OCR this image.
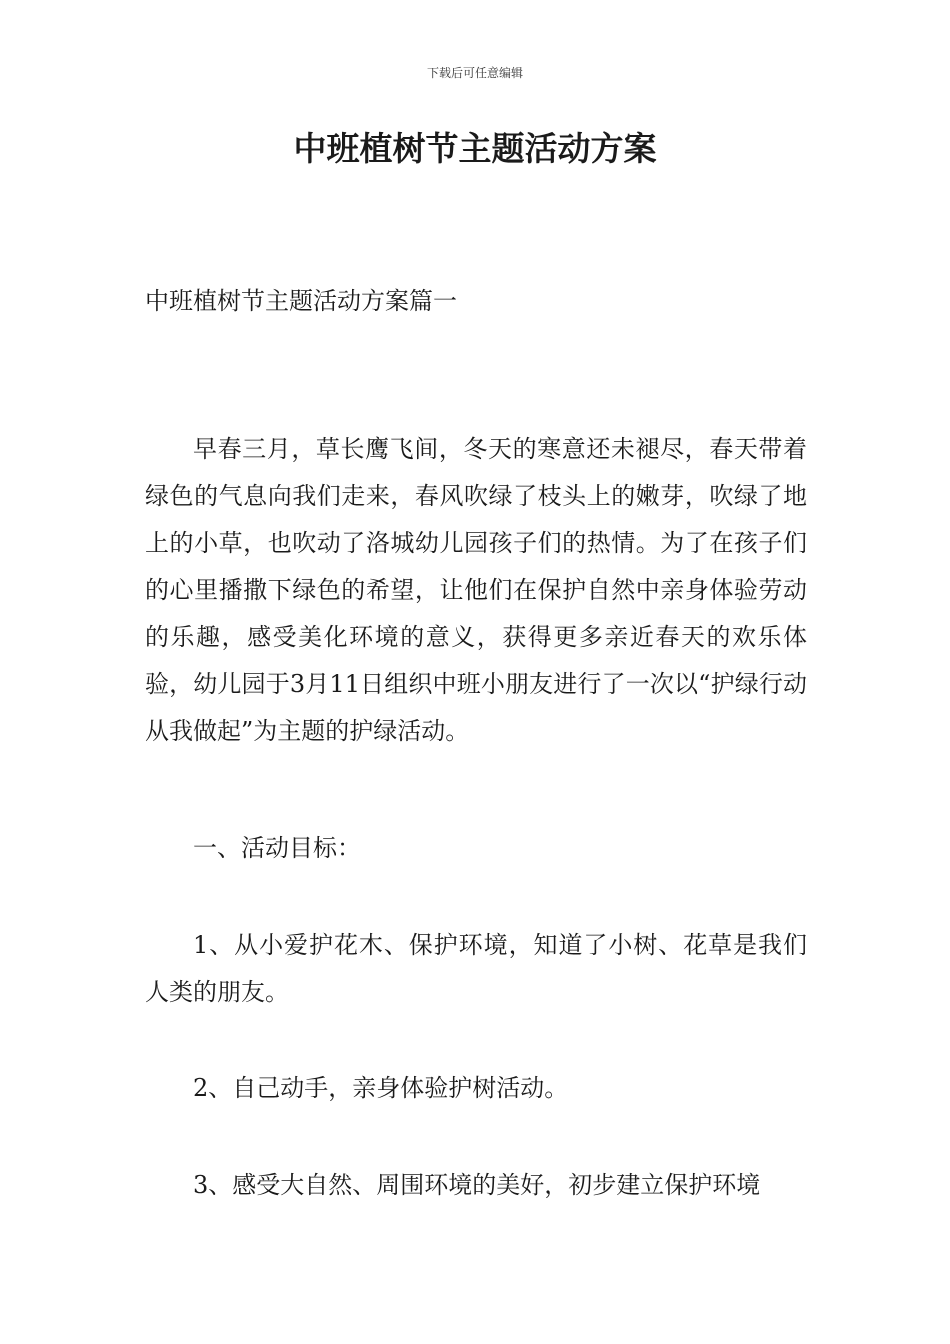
下载后可任意编辑
中班植树节主题活动方案

中班植树节主题活动方案篇一

早春三月，草长鹰飞间，冬天的寒意还未褪尽，春天带着绿色的气息向我们走来，春风吹绿了枝头上的嫩芽，吹绿了地上的小草，也吹动了洛城幼儿园孩子们的热情。为了在孩子们的心里播撒下绿色的希望，让他们在保护自然中亲身体验劳动的乐趣，感受美化环境的意义，获得更多亲近春天的欢乐体验，幼儿园于3月11日组织中班小朋友进行了一次以“护绿行动从我做起”为主题的护绿活动。

一、活动目标：

1、从小爱护花木、保护环境，知道了小树、花草是我们人类的朋友。

2、自己动手，亲身体验护树活动。

3、感受大自然、周围环境的美好，初步建立保护环境
